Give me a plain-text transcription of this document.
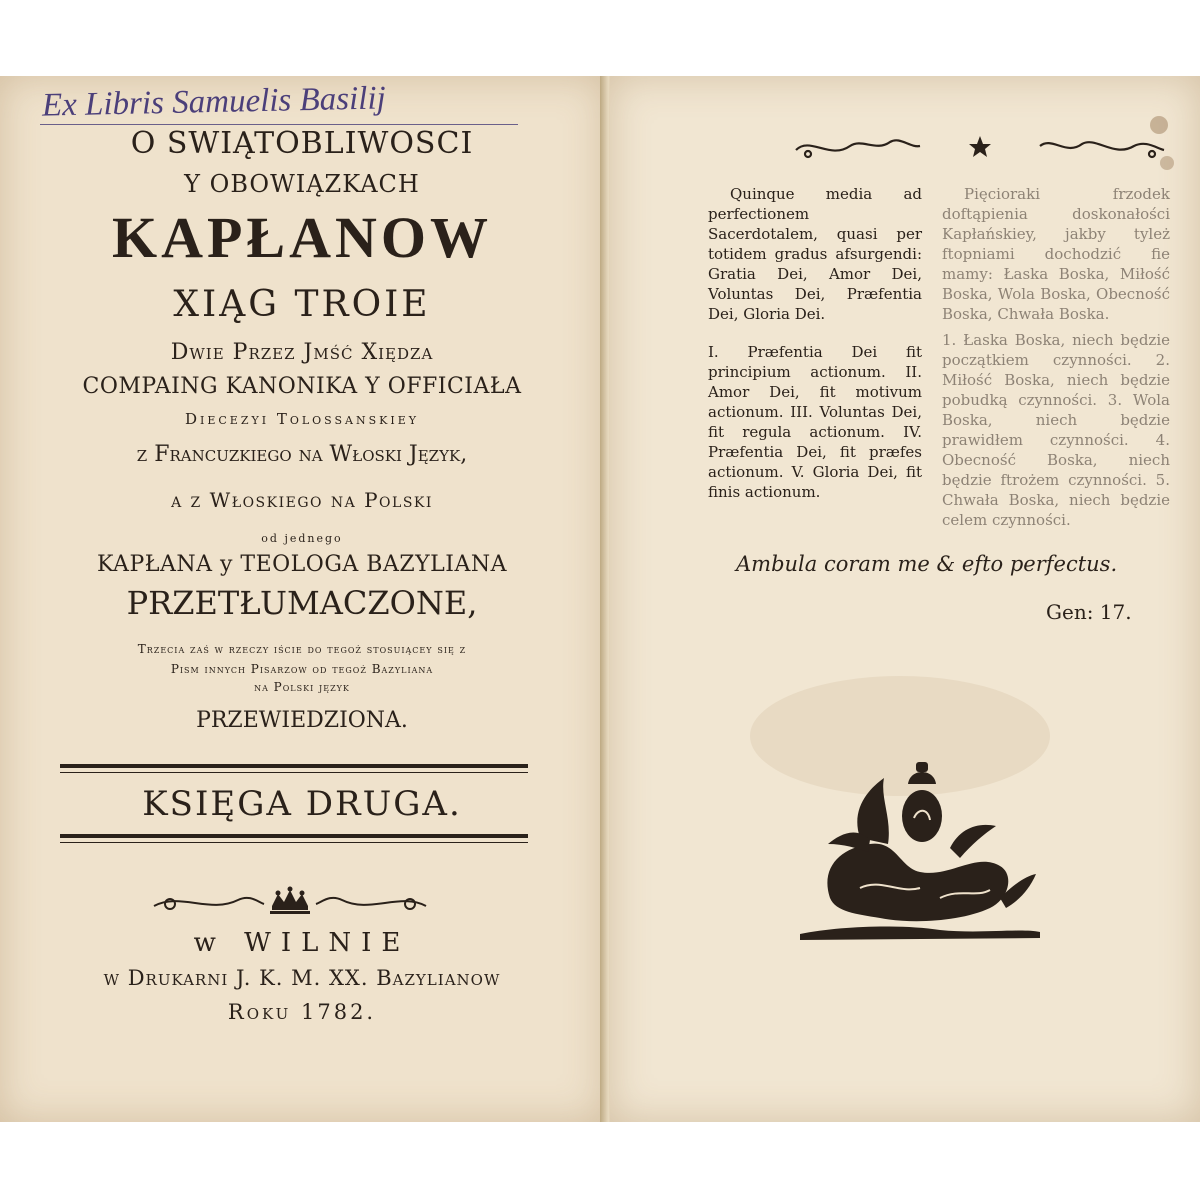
Ex Libris Samuelis Basilij

O SWIĄTOBLIWOSCI

Y OBOWIĄZKACH

KAPŁANOW

XIĄG TROIE

Dwie Przez Jmść Xiędza

COMPAING KANONIKA Y OFFICIAŁA

Diecezyi Tolossanskiey

z Francuzkiego na Włoski Język,

a z Włoskiego na Polski

od jednego

KAPŁANA y TEOLOGA BAZYLIANA

PRZETŁUMACZONE,

Trzecia zaś w rzeczy iście do tegoż stosuiącey się z

Pism innych Pisarzow od tegoż Bazyliana

na Polski język

PRZEWIEDZIONA.

KSIĘGA DRUGA.

w WILNIE

w Drukarni J. K. M. XX. Bazylianow

Roku 1782.

Quinque media ad perfectionem Sacerdotalem, quasi per totidem gradus afsurgendi: Gratia Dei, Amor Dei, Voluntas Dei, Præfentia Dei, Gloria Dei.

I. Præfentia Dei fit principium actionum. II. Amor Dei, fit motivum actionum. III. Voluntas Dei, fit regula actionum. IV. Præfentia Dei, fit præfes actionum. V. Gloria Dei, fit finis actionum.

Pięcioraki frzodek doftąpienia doskonałości Kapłańskiey, jakby tyleż ftopniami dochodzić fie mamy: Łaska Boska, Miłość Boska, Wola Boska, Obecność Boska, Chwała Boska.

1. Łaska Boska, niech będzie początkiem czynności. 2. Miłość Boska, niech będzie pobudką czynności. 3. Wola Boska, niech będzie prawidłem czynności. 4. Obecność Boska, niech będzie ftrożem czynności. 5. Chwała Boska, niech będzie celem czynności.

Ambula coram me & efto perfectus.
Gen: 17.
